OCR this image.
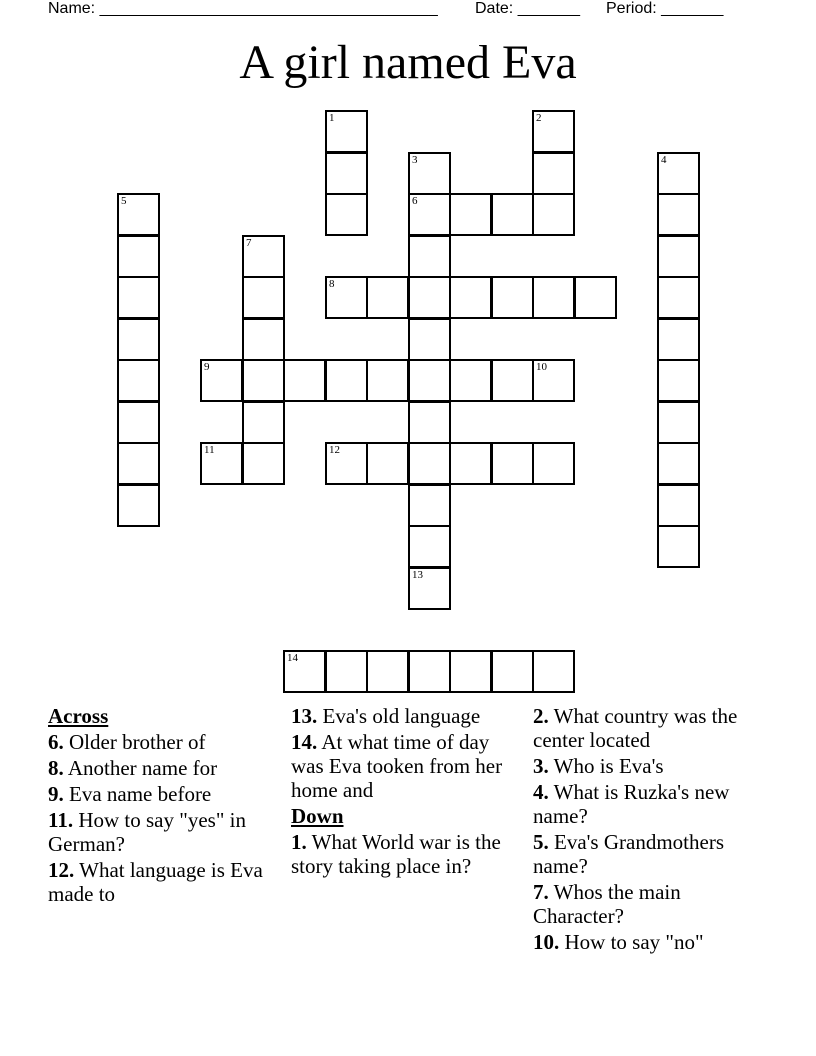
Name: ______________________________________

Date: _______

Period: _______

A girl named Eva
1	2
3
6
13
4
5
7
8
9	10
11	12
14
Across
6. Older brother of
8. Another name for
9. Eva name before
11. How to say "yes" in German?
12. What language is Eva made to
13. Eva's old language
14. At what time of day was Eva tooken from her home and
Down
1. What World war is the story taking place in?
2. What country was the center located
3. Who is Eva's
4. What is Ruzka's new name?
5. Eva's Grandmothers name?
7. Whos the main Character?
10. How to say "no"
